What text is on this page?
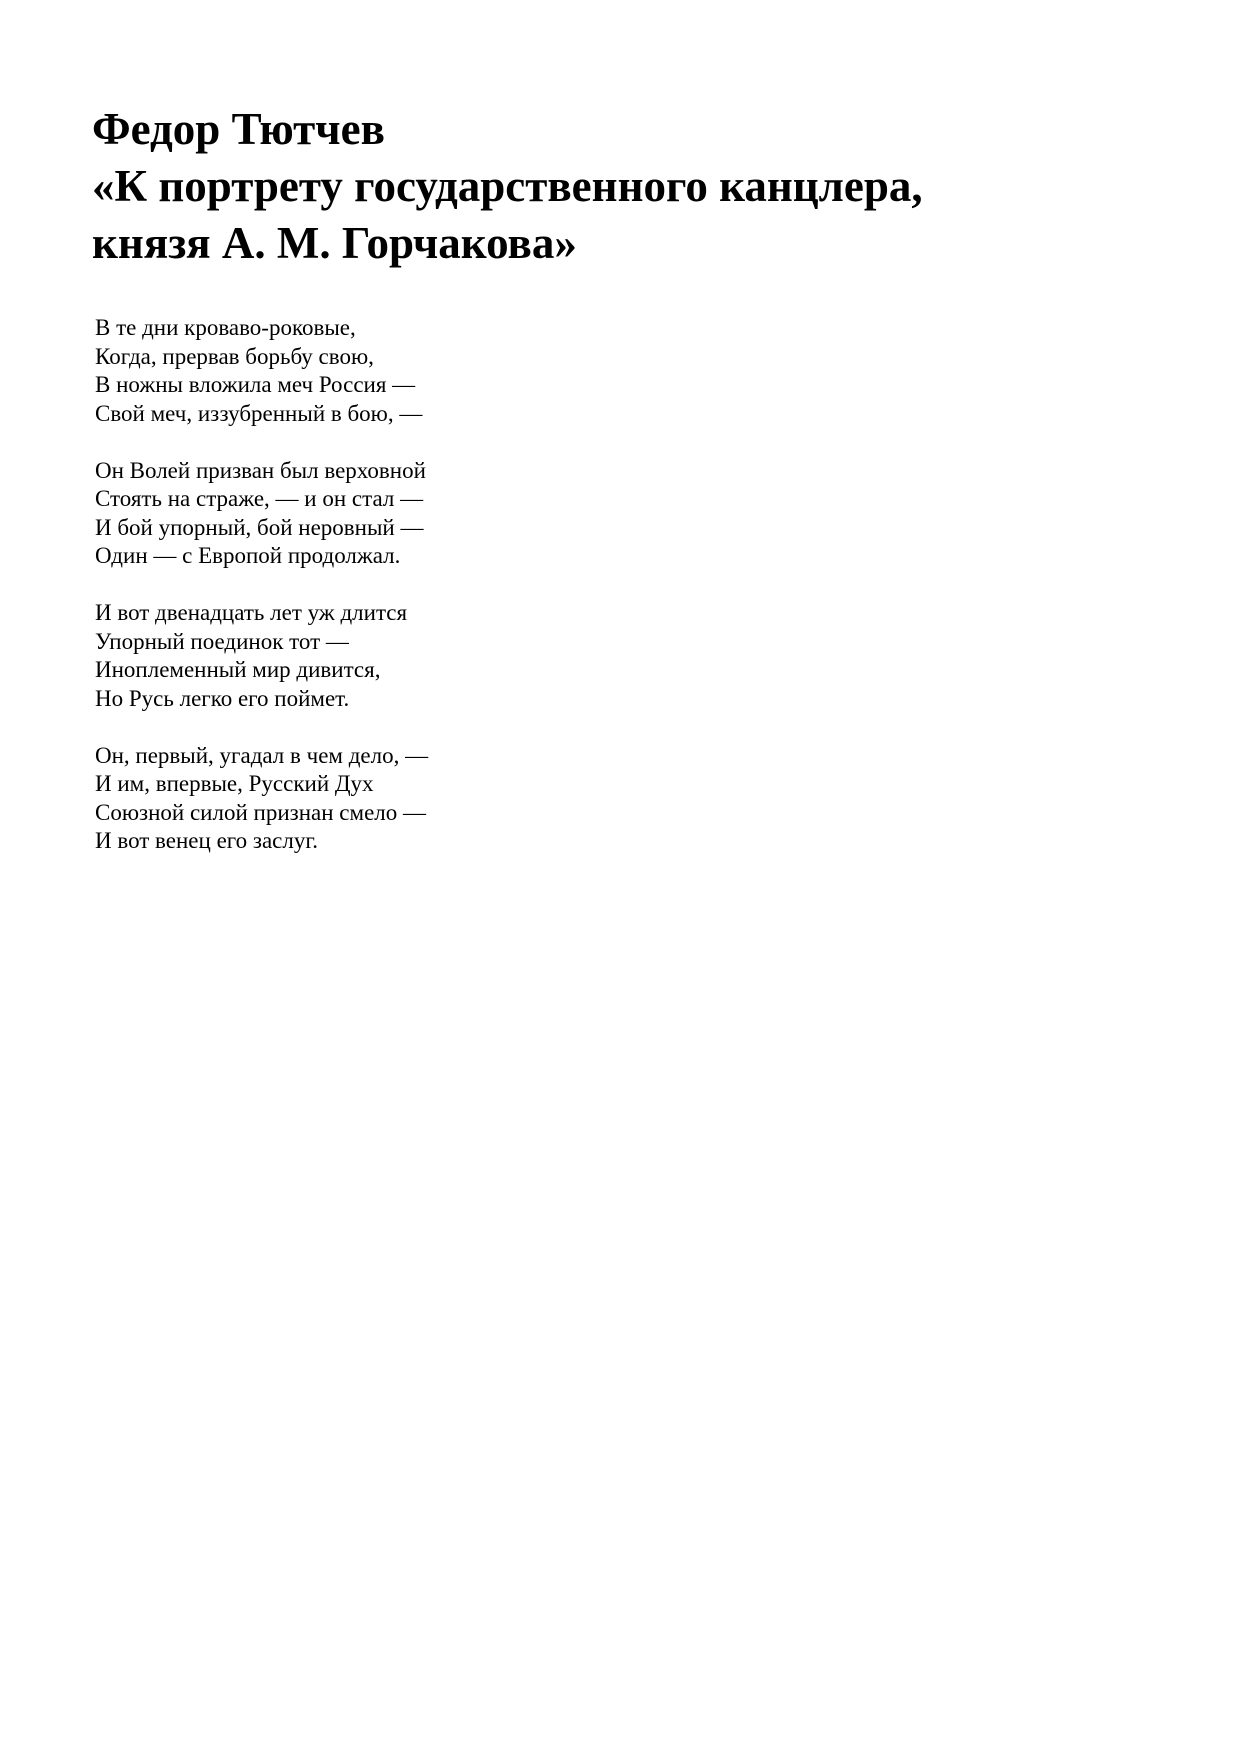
Федор Тютчев
«К портрету государственного канцлера,
князя А. М. Горчакова»
В те дни кроваво-роковые,
Когда, прервав борьбу свою,
В ножны вложила меч Россия —
Свой меч, иззубренный в бою, —
Он Волей призван был верховной
Стоять на страже, — и он стал —
И бой упорный, бой неровный —
Один — с Европой продолжал.
И вот двенадцать лет уж длится
Упорный поединок тот —
Иноплеменный мир дивится,
Но Русь легко его поймет.
Он, первый, угадал в чем дело, —
И им, впервые, Русский Дух
Союзной силой признан смело —
И вот венец его заслуг.
